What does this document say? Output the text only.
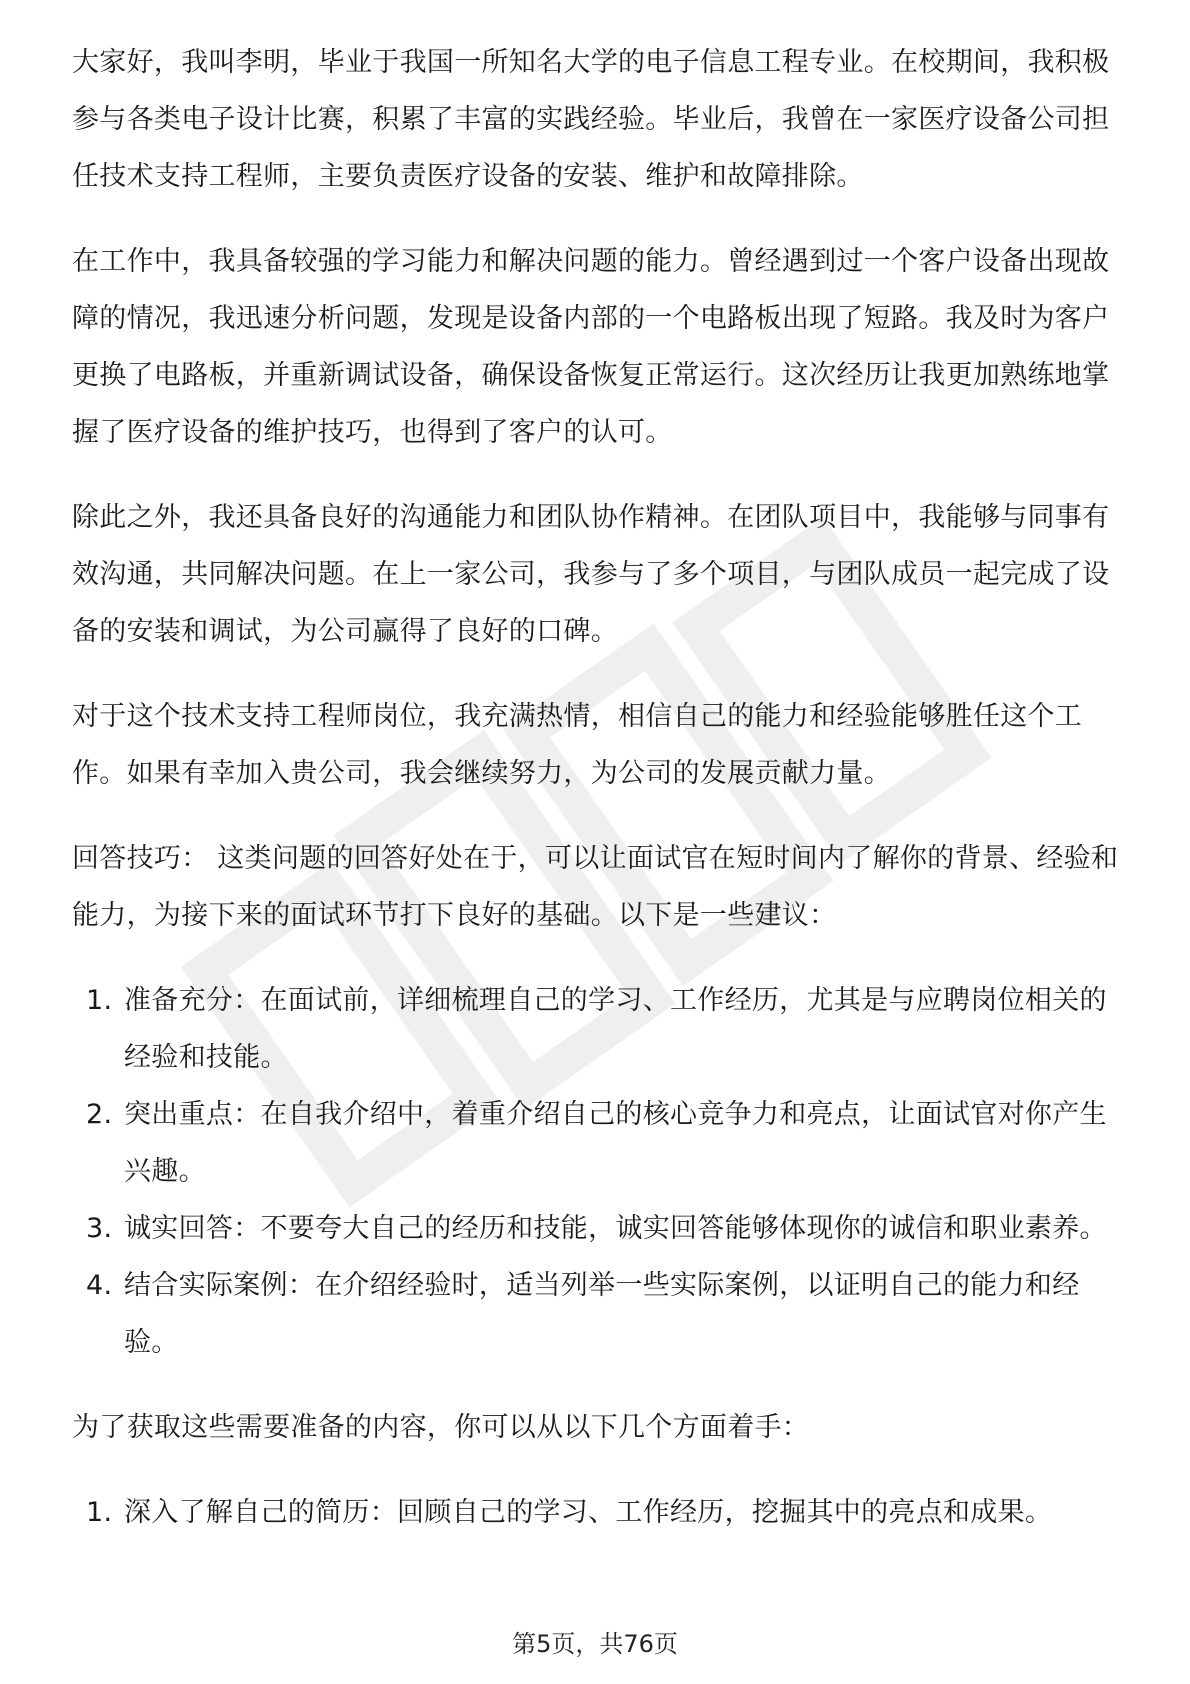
大家好，我叫李明，毕业于我国一所知名大学的电子信息工程专业。在校期间，我积极参与各类电子设计比赛，积累了丰富的实践经验。毕业后，我曾在一家医疗设备公司担任技术支持工程师，主要负责医疗设备的安装、维护和故障排除。

在工作中，我具备较强的学习能力和解决问题的能力。曾经遇到过一个客户设备出现故障的情况，我迅速分析问题，发现是设备内部的一个电路板出现了短路。我及时为客户更换了电路板，并重新调试设备，确保设备恢复正常运行。这次经历让我更加熟练地掌握了医疗设备的维护技巧，也得到了客户的认可。

除此之外，我还具备良好的沟通能力和团队协作精神。在团队项目中，我能够与同事有效沟通，共同解决问题。在上一家公司，我参与了多个项目，与团队成员一起完成了设备的安装和调试，为公司赢得了良好的口碑。

对于这个技术支持工程师岗位，我充满热情，相信自己的能力和经验能够胜任这个工作。如果有幸加入贵公司，我会继续努力，为公司的发展贡献力量。

回答技巧： 这类问题的回答好处在于，可以让面试官在短时间内了解你的背景、经验和能力，为接下来的面试环节打下良好的基础。以下是一些建议：

1. 准备充分：在面试前，详细梳理自己的学习、工作经历，尤其是与应聘岗位相关的经验和技能。
2. 突出重点：在自我介绍中，着重介绍自己的核心竞争力和亮点，让面试官对你产生兴趣。
3. 诚实回答：不要夸大自己的经历和技能，诚实回答能够体现你的诚信和职业素养。
4. 结合实际案例：在介绍经验时，适当列举一些实际案例，以证明自己的能力和经验。

为了获取这些需要准备的内容，你可以从以下几个方面着手：

1. 深入了解自己的简历：回顾自己的学习、工作经历，挖掘其中的亮点和成果。
第5页，共76页
